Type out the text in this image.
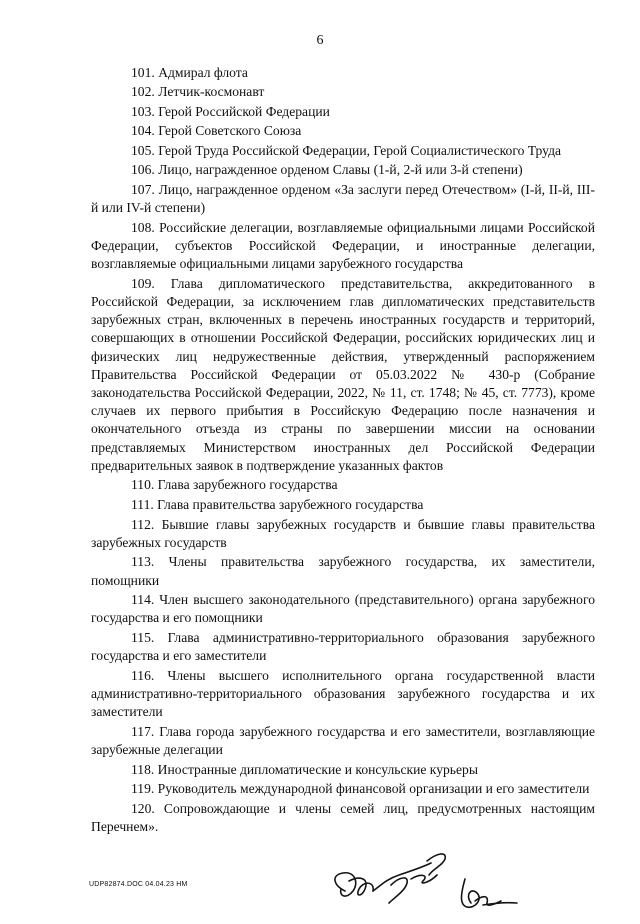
6

101. Адмирал флота

102. Летчик-космонавт

103. Герой Российской Федерации

104. Герой Советского Союза

105. Герой Труда Российской Федерации, Герой Социалистического Труда

106. Лицо, награжденное орденом Славы (1-й, 2-й или 3-й степени)

107. Лицо, награжденное орденом «За заслуги перед Отечеством» (I-й, II-й, III-й или IV-й степени)

108. Российские делегации, возглавляемые официальными лицами Российской Федерации, субъектов Российской Федерации, и иностранные делегации, возглавляемые официальными лицами зарубежного государства

109. Глава дипломатического представительства, аккредитованного в Российской Федерации, за исключением глав дипломатических представительств зарубежных стран, включенных в перечень иностранных государств и территорий, совершающих в отношении Российской Федерации, российских юридических лиц и физических лиц недружественные действия, утвержденный распоряжением Правительства Российской Федерации от 05.03.2022 № 430-р (Собрание законодательства Российской Федерации, 2022, № 11, ст. 1748; № 45, ст. 7773), кроме случаев их первого прибытия в Российскую Федерацию после назначения и окончательного отъезда из страны по завершении миссии на основании представляемых Министерством иностранных дел Российской Федерации предварительных заявок в подтверждение указанных фактов

110. Глава зарубежного государства

111. Глава правительства зарубежного государства

112. Бывшие главы зарубежных государств и бывшие главы правительства зарубежных государств

113. Члены правительства зарубежного государства, их заместители, помощники

114. Член высшего законодательного (представительного) органа зарубежного государства и его помощники

115. Глава административно-территориального образования зарубежного государства и его заместители

116. Члены высшего исполнительного органа государственной власти административно-территориального образования зарубежного государства и их заместители

117. Глава города зарубежного государства и его заместители, возглавляющие зарубежные делегации

118. Иностранные дипломатические и консульские курьеры

119. Руководитель международной финансовой организации и его заместители

120. Сопровождающие и члены семей лиц, предусмотренных настоящим Перечнем».

UDP82874.DOC 04.04.23 НМ
